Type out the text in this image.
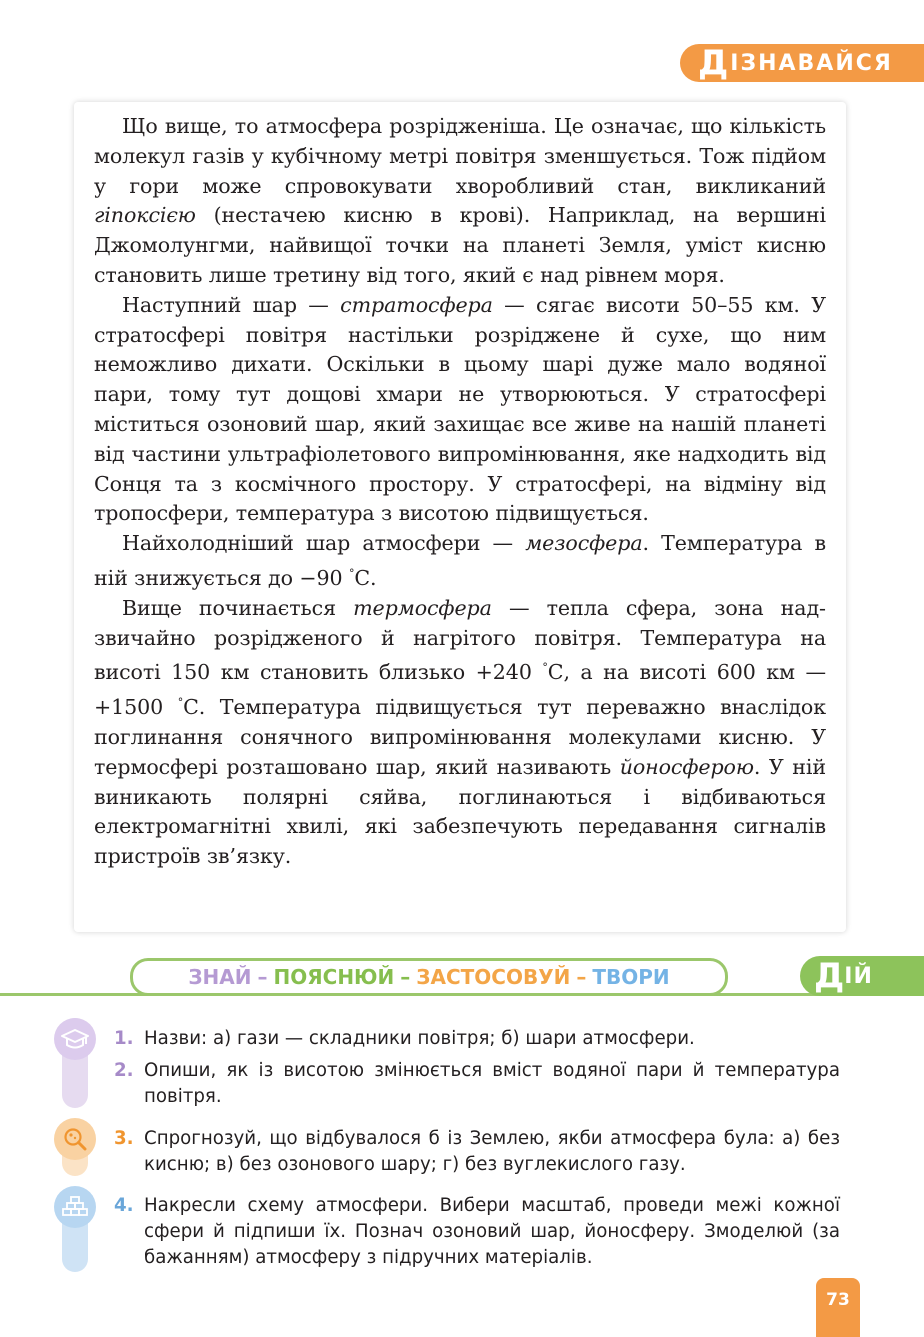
Д ІЗНАВАЙСЯ

Що вище, то атмосфера розрідженіша. Це означає, що кількість молекул газів у кубічному метрі повітря зменшується. Тож підйом у гори може спровокувати хворобливий стан, викликаний гіпоксією (нестачею кисню в крові). Наприклад, на вершині Джомолунгми, найвищої точки на планеті Земля, уміст кисню становить лише третину від того, який є над рівнем моря.

Наступний шар — стратосфера — сягає висоти 50–55 км. У стратосфері повітря настільки розріджене й сухе, що ним неможливо дихати. Оскільки в цьому шарі дуже мало водяної пари, тому тут дощові хмари не утворюються. У стратосфері міститься озоновий шар, який захищає все живе на нашій планеті від частини ультрафіолетового випромінювання, яке надходить від Сонця та з космічного простору. У стратосфері, на відміну від тропосфери, температура з висотою підвищується.

Найхолодніший шар атмосфери — мезосфера. Температура в ній знижується до −90 °С.

Вище починається термосфера — тепла сфера, зона надзвичайно розрідженого й нагрітого повітря. Температура на висоті 150 км становить близько +240 °С, а на висоті 600 км — +1500 °С. Температура підвищується тут переважно внаслідок поглинання сонячного випромінювання молекулами кисню. У термосфері розташовано шар, який називають йоносферою. У ній виникають полярні сяйва, поглинаються і відбиваються електромагнітні хвилі, які забезпечують передавання сигналів пристроїв зв’язку.

ЗНАЙ – ПОЯСНЮЙ – ЗАСТОСОВУЙ – ТВОРИ	Д ІЙ
1. Назви: а) гази — складники повітря; б) шари атмосфери.
2. Опиши, як із висотою змінюється вміст водяної пари й температура повітря.
3. Спрогнозуй, що відбувалося б із Землею, якби атмосфера була: а) без кисню; в) без озонового шару; г) без вуглекислого газу.
4. Накресли схему атмосфери. Вибери масштаб, проведи межі кожної сфери й підпиши їх. Познач озоновий шар, йоносферу. Змоделюй (за бажанням) атмосферу з підручних матеріалів.
73
